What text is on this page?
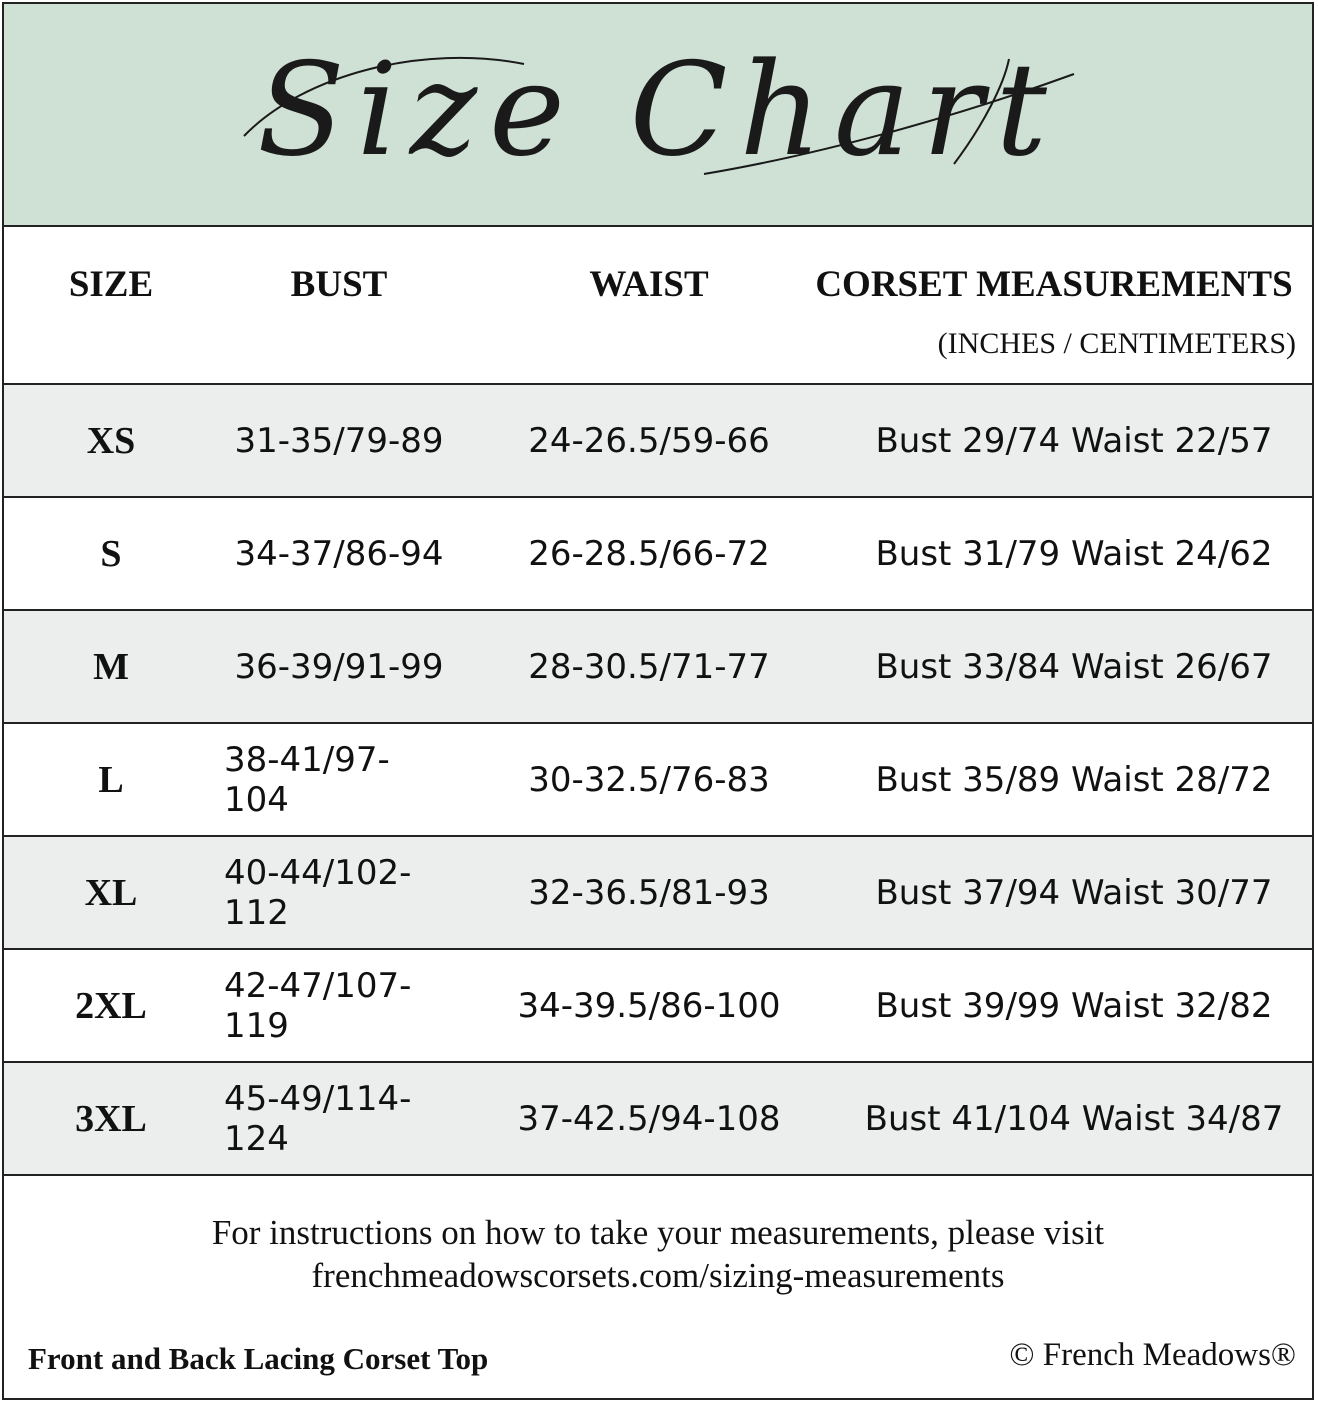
Size Chart
SIZE	BUST	WAIST	CORSET MEASUREMENTS
(INCHES / CENTIMETERS)
XS	31-35/79-89	24-26.5/59-66	Bust 29/74 Waist 22/57
S	34-37/86-94	26-28.5/66-72	Bust 31/79 Waist 24/62
M	36-39/91-99	28-30.5/71-77	Bust 33/84 Waist 26/67
L	38-41/97-104	30-32.5/76-83	Bust 35/89 Waist 28/72
XL	40-44/102-112	32-36.5/81-93	Bust 37/94 Waist 30/77
2XL	42-47/107-119	34-39.5/86-100	Bust 39/99 Waist 32/82
3XL	45-49/114-124	37-42.5/94-108 Bust 41/104 Waist 34/87
For instructions on how to take your measurements, please visit
frenchmeadowscorsets.com/sizing-measurements
Front and Back Lacing Corset Top	© French Meadows®
